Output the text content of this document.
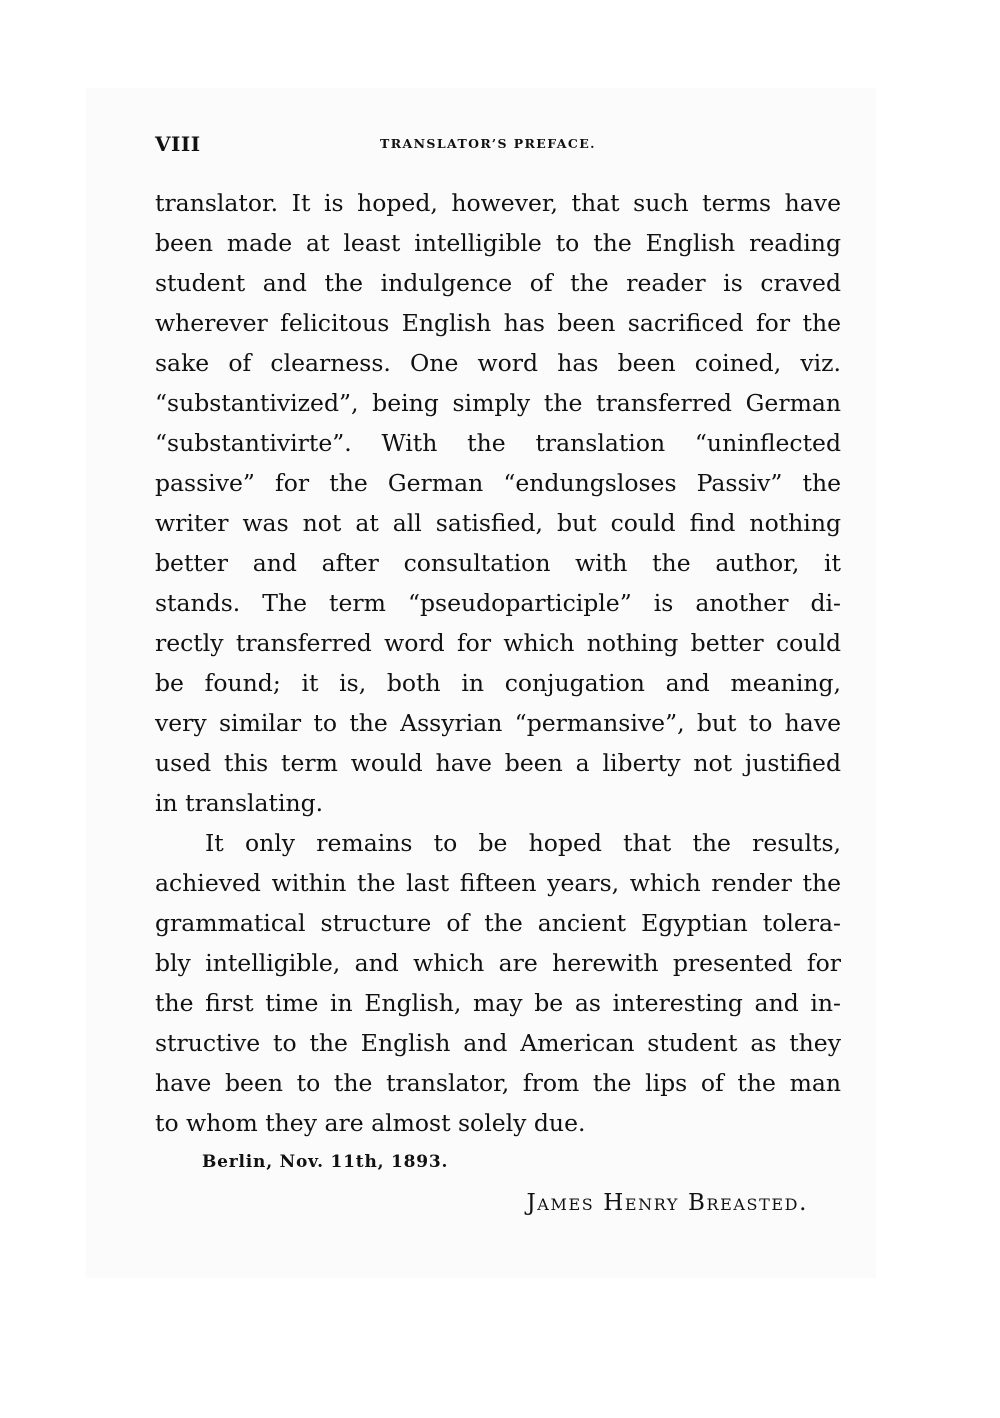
VIII	TRANSLATOR’S PREFACE.
translator. It is hoped, however, that such terms have
been made at least intelligible to the English reading
student and the indulgence of the reader is craved
wherever felicitous English has been sacrificed for the
sake of clearness. One word has been coined, viz.
“substantivized”, being simply the transferred German
“substantivirte”. With the translation “uninflected
passive” for the German “endungsloses Passiv” the
writer was not at all satisfied, but could find nothing
better and after consultation with the author, it
stands. The term “pseudoparticiple” is another di-
rectly transferred word for which nothing better could
be found; it is, both in conjugation and meaning,
very similar to the Assyrian “permansive”, but to have
used this term would have been a liberty not justified
in translating.
It only remains to be hoped that the results,
achieved within the last fifteen years, which render the
grammatical structure of the ancient Egyptian tolera-
bly intelligible, and which are herewith presented for
the first time in English, may be as interesting and in-
structive to the English and American student as they
have been to the translator, from the lips of the man
to whom they are almost solely due.
Berlin, Nov. 11th, 1893.
James Henry Breasted.
